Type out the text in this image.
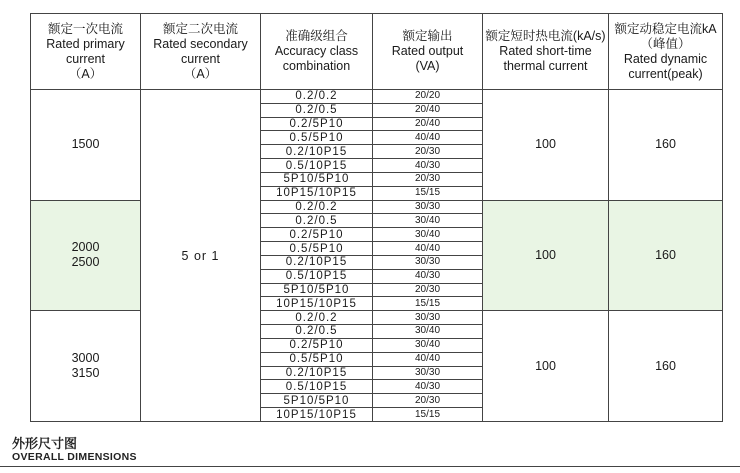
额定一次电流
Rated primary current
（A）	额定二次电流
Rated secondary current
（A）	准确级组合
Accuracy class combination	额定输出
Rated output
(VA)	额定短时热电流(kA/s)
Rated short-time thermal current	额定动稳定电流kA（峰值）
Rated dynamic current(peak)

1500	5 or 1	0.2/0.2	20/20	100	160
		0.2/0.5	20/40		
		0.2/5P10	20/40		
		0.5/5P10	40/40		
		0.2/10P15	20/30		
		0.5/10P15	40/30		
		5P10/5P10	20/30		
		10P15/10P15	15/15		

2000
2500		0.2/0.2	30/30	100	160
		0.2/0.5	30/40		
		0.2/5P10	30/40		
		0.5/5P10	40/40		
		0.2/10P15	30/30		
		0.5/10P15	40/30		
		5P10/5P10	20/30		
		10P15/10P15	15/15		

3000
3150		0.2/0.2	30/30	100	160
		0.2/0.5	30/40		
		0.2/5P10	30/40		
		0.5/5P10	40/40		
		0.2/10P15	30/30		
		0.5/10P15	40/30		
		5P10/5P10	20/30		
		10P15/10P15	15/15		
外形尺寸图
OVERALL DIMENSIONS
